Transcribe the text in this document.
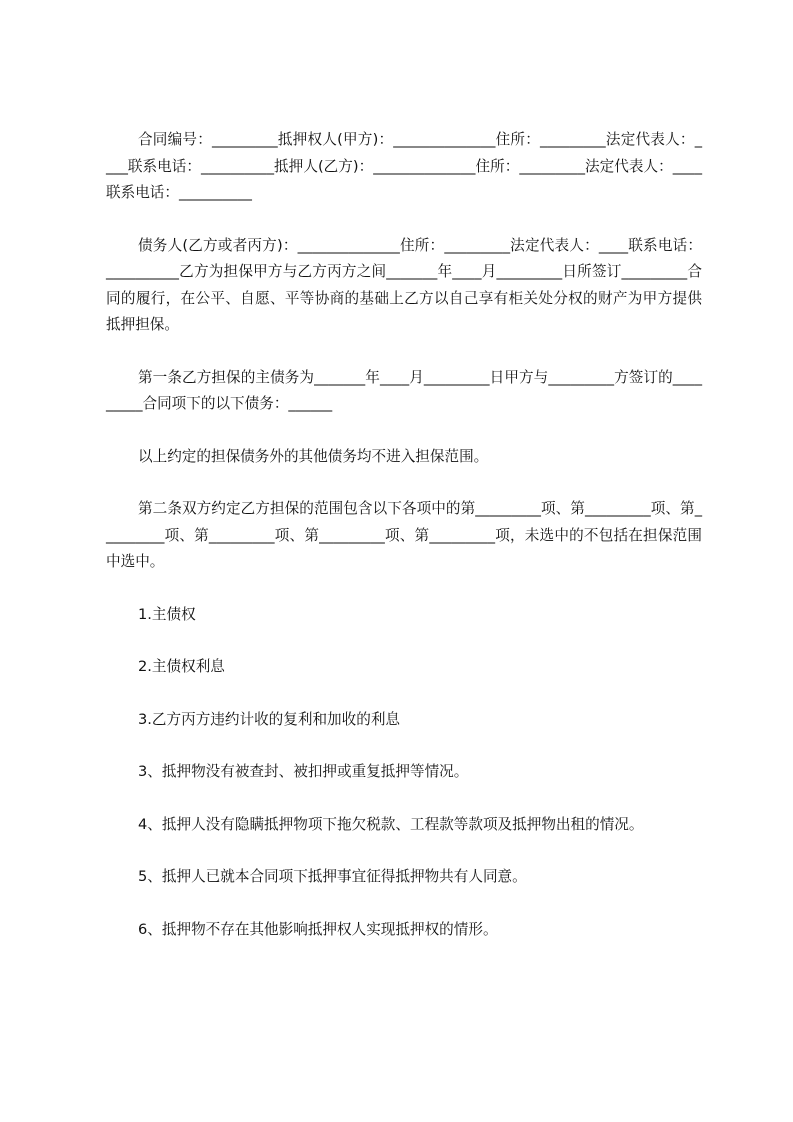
合同编号：_________抵押权人(甲方)：______________住所：_________法定代表人：____联系电话：__________抵押人(乙方)：______________住所：_________法定代表人：____联系电话：__________

债务人(乙方或者丙方)：______________住所：_________法定代表人：____联系电话：__________乙方为担保甲方与乙方丙方之间_______年____月_________日所签订_________合同的履行，在公平、自愿、平等协商的基础上乙方以自己享有柜关处分权的财产为甲方提供抵押担保。

第一条乙方担保的主债务为_______年____月_________日甲方与_________方签订的_________合同项下的以下债务：______

以上约定的担保债务外的其他债务均不进入担保范围。

第二条双方约定乙方担保的范围包含以下各项中的第_________项、第_________项、第_________项、第_________项、第_________项、第_________项，未选中的不包括在担保范围中选中。

1.主债权

2.主债权利息

3.乙方丙方违约计收的复利和加收的利息

3、抵押物没有被查封、被扣押或重复抵押等情况。

4、抵押人没有隐瞒抵押物项下拖欠税款、工程款等款项及抵押物出租的情况。

5、抵押人已就本合同项下抵押事宜征得抵押物共有人同意。

6、抵押物不存在其他影响抵押权人实现抵押权的情形。
